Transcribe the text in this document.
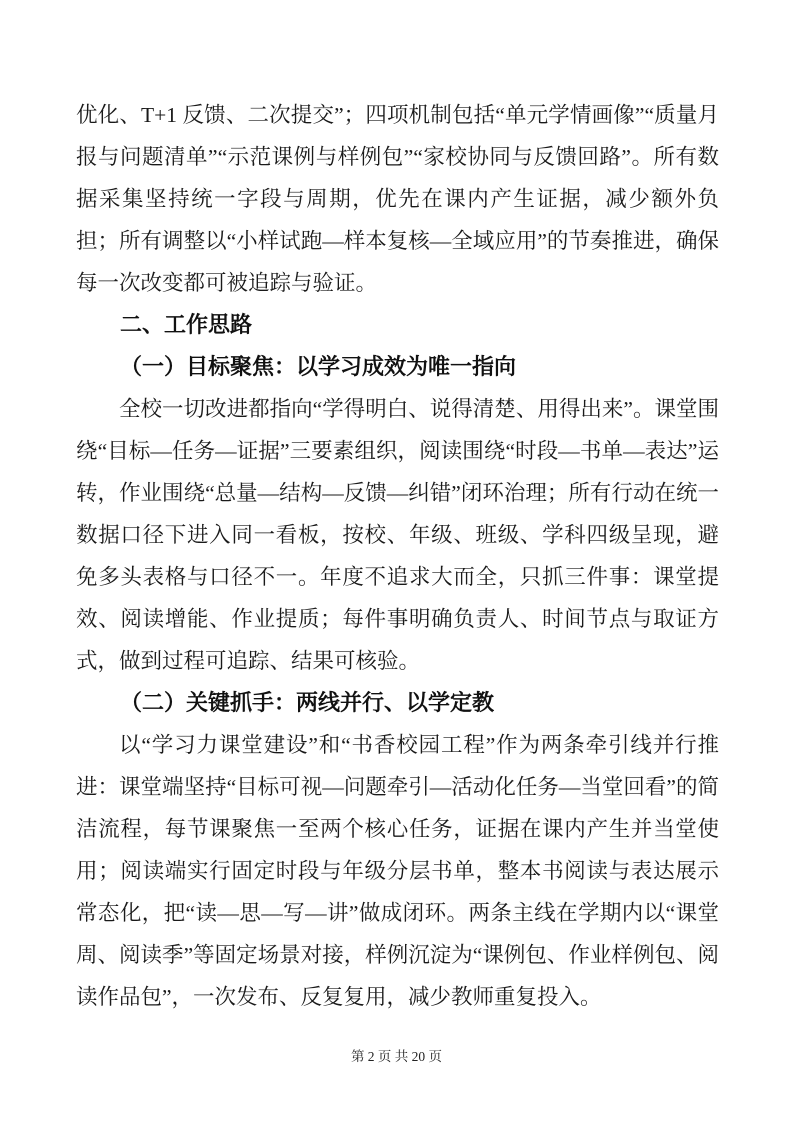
优化、T+1 反馈、二次提交”；四项机制包括“单元学情画像”“质量月报与问题清单”“示范课例与样例包”“家校协同与反馈回路”。所有数据采集坚持统一字段与周期，优先在课内产生证据，减少额外负担；所有调整以“小样试跑—样本复核—全域应用”的节奏推进，确保每一次改变都可被追踪与验证。

二、工作思路
（一）目标聚焦：以学习成效为唯一指向

全校一切改进都指向“学得明白、说得清楚、用得出来”。课堂围绕“目标—任务—证据”三要素组织，阅读围绕“时段—书单—表达”运转，作业围绕“总量—结构—反馈—纠错”闭环治理；所有行动在统一数据口径下进入同一看板，按校、年级、班级、学科四级呈现，避免多头表格与口径不一。年度不追求大而全，只抓三件事：课堂提效、阅读增能、作业提质；每件事明确负责人、时间节点与取证方式，做到过程可追踪、结果可核验。

（二）关键抓手：两线并行、以学定教

以“学习力课堂建设”和“书香校园工程”作为两条牵引线并行推进：课堂端坚持“目标可视—问题牵引—活动化任务—当堂回看”的简洁流程，每节课聚焦一至两个核心任务，证据在课内产生并当堂使用；阅读端实行固定时段与年级分层书单，整本书阅读与表达展示常态化，把“读—思—写—讲”做成闭环。两条主线在学期内以“课堂周、阅读季”等固定场景对接，样例沉淀为“课例包、作业样例包、阅读作品包”，一次发布、反复复用，减少教师重复投入。

第 2 页 共 20 页
